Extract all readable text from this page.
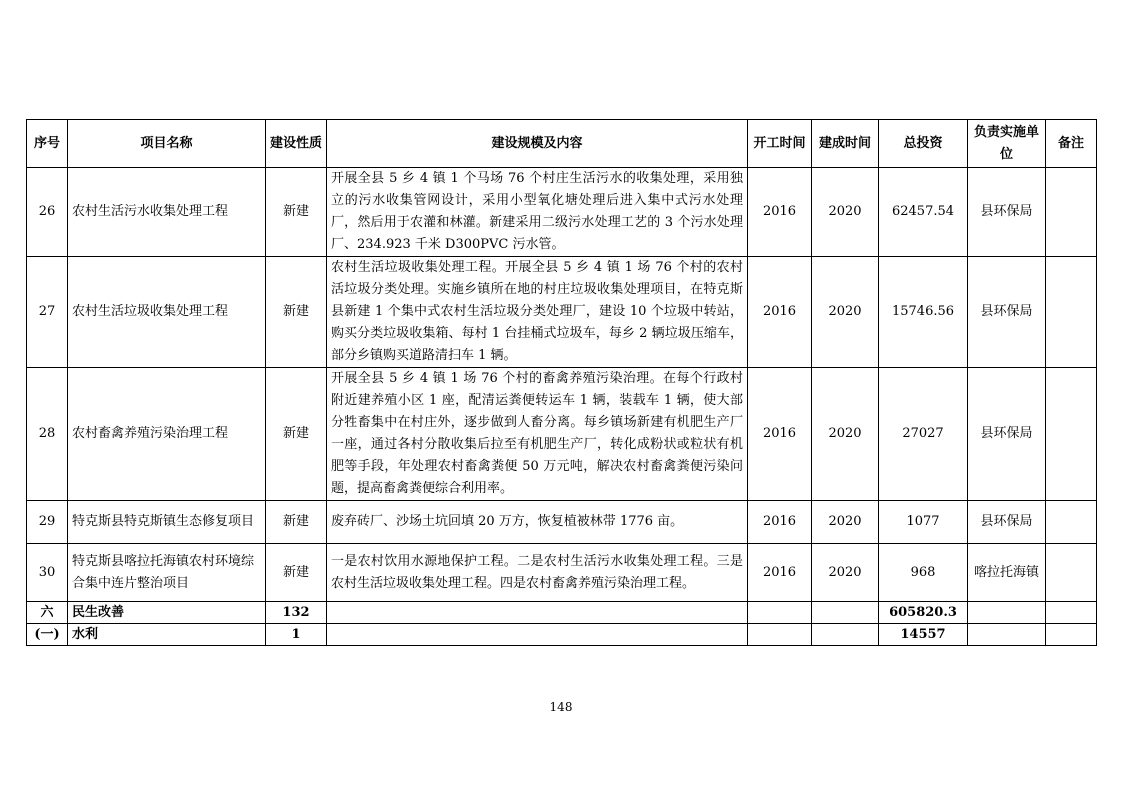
序号	项目名称	建设性质	建设规模及内容	开工时间	建成时间	总投资	负责实施单位	备注
26	农村生活污水收集处理工程	新建	开展全县 5 乡 4 镇 1 个马场 76 个村庄生活污水的收集处理，采用独立的污水收集管网设计，采用小型氧化塘处理后进入集中式污水处理厂，然后用于农灌和林灌。新建采用二级污水处理工艺的 3 个污水处理厂、234.923 千米 D300PVC 污水管。	2016	2020	62457.54	县环保局	
27	农村生活垃圾收集处理工程	新建	农村生活垃圾收集处理工程。开展全县 5 乡 4 镇 1 场 76 个村的农村活垃圾分类处理。实施乡镇所在地的村庄垃圾收集处理项目，在特克斯县新建 1 个集中式农村生活垃圾分类处理厂，建设 10 个垃圾中转站，购买分类垃圾收集箱、每村 1 台挂桶式垃圾车，每乡 2 辆垃圾压缩车，部分乡镇购买道路清扫车 1 辆。	2016	2020	15746.56	县环保局	
28	农村畜禽养殖污染治理工程	新建	开展全县 5 乡 4 镇 1 场 76 个村的畜禽养殖污染治理。在每个行政村附近建养殖小区 1 座，配清运粪便转运车 1 辆，装载车 1 辆，使大部分牲畜集中在村庄外，逐步做到人畜分离。每乡镇场新建有机肥生产厂一座，通过各村分散收集后拉至有机肥生产厂，转化成粉状或粒状有机肥等手段，年处理农村畜禽粪便 50 万元吨，解决农村畜禽粪便污染问题，提高畜禽粪便综合利用率。	2016	2020	27027	县环保局	
29	特克斯县特克斯镇生态修复项目	新建	废弃砖厂、沙场土坑回填 20 万方，恢复植被林带 1776 亩。	2016	2020	1077	县环保局	
30	特克斯县喀拉托海镇农村环境综合集中连片整治项目	新建	一是农村饮用水源地保护工程。二是农村生活污水收集处理工程。三是农村生活垃圾收集处理工程。四是农村畜禽养殖污染治理工程。	2016	2020	968	喀拉托海镇	
六	民生改善	132				605820.3		
(一)	水利	1				14557		
148
